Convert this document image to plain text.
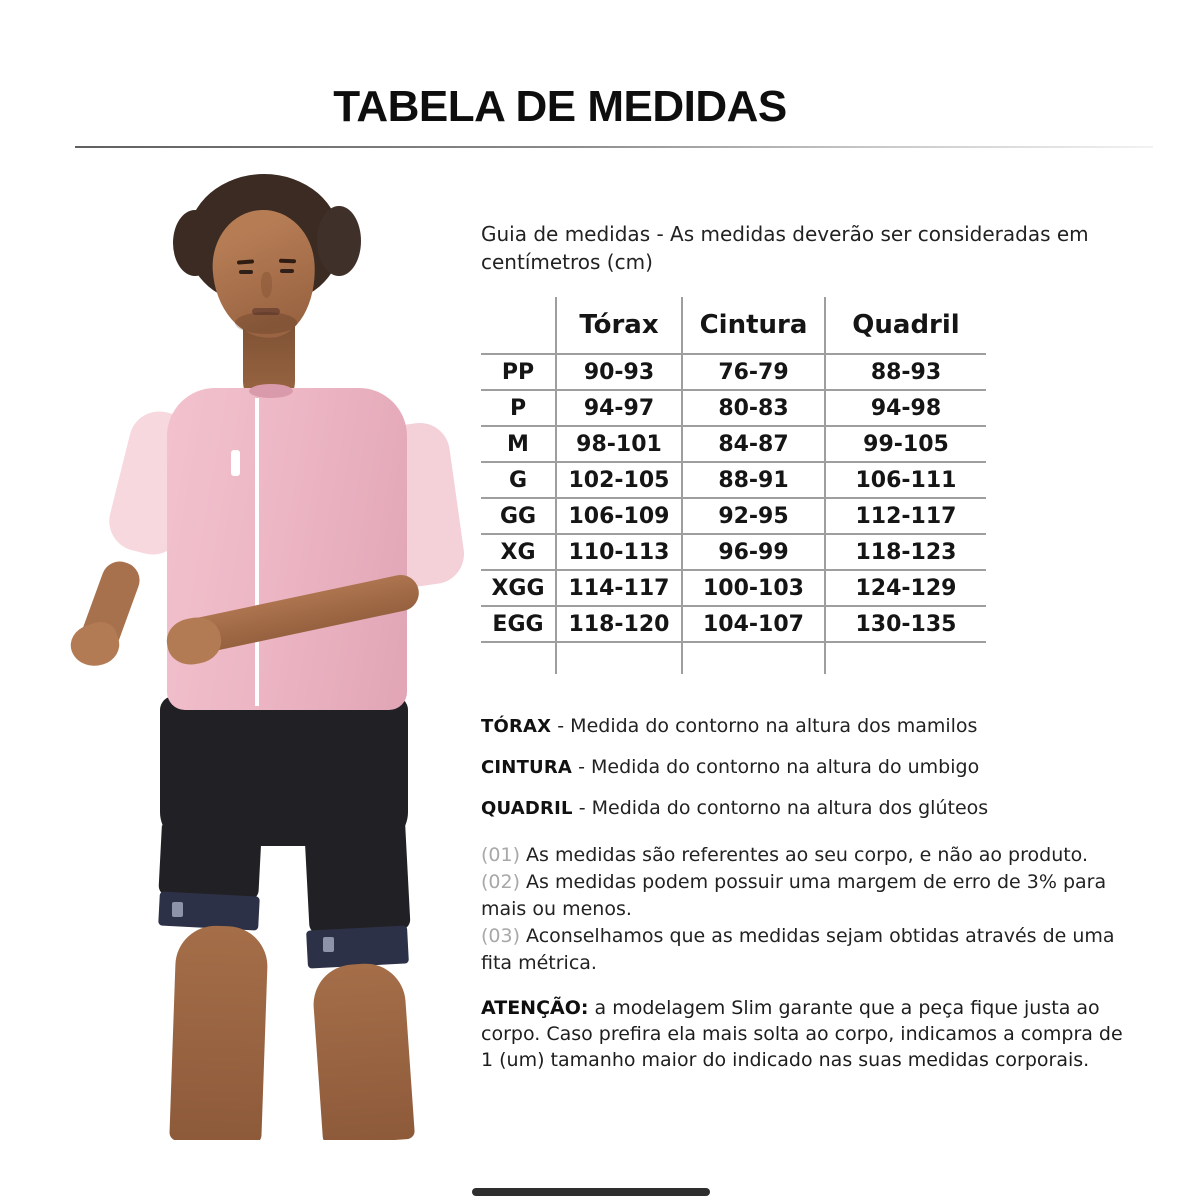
TABELA DE MEDIDAS
Guia de medidas - As medidas deverão ser consideradas em centímetros (cm)
	Tórax	Cintura	Quadril
PP	90-93	76-79	88-93
P	94-97	80-83	94-98
M	98-101	84-87	99-105
G	102-105	88-91	106-111
GG	106-109	92-95	112-117
XG	110-113	96-99	118-123
XGG	114-117	100-103	124-129
EGG	118-120	104-107	130-135

TÓRAX - Medida do contorno na altura dos mamilos
CINTURA - Medida do contorno na altura do umbigo
QUADRIL - Medida do contorno na altura dos glúteos
(01) As medidas são referentes ao seu corpo, e não ao produto.
(02) As medidas podem possuir uma margem de erro de 3% para mais ou menos.
(03) Aconselhamos que as medidas sejam obtidas através de uma fita métrica.
ATENÇÃO: a modelagem Slim garante que a peça fique justa ao corpo. Caso prefira ela mais solta ao corpo, indicamos a compra de 1 (um) tamanho maior do indicado nas suas medidas corporais.
